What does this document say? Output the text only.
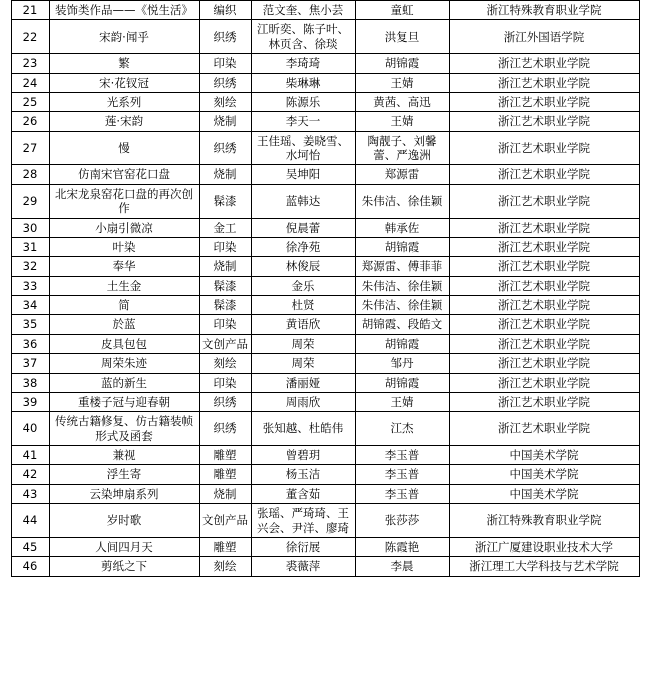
21	装饰类作品——《悦生活》	编织	范文奎、焦小芸	童虹	浙江特殊教育职业学院
22	宋韵·闻乎	织绣	江昕奕、陈子叶、林页含、徐琰	洪复旦	浙江外国语学院
23	繁	印染	李琦琦	胡锦霞	浙江艺术职业学院
24	宋·花钗冠	织绣	柴琳琳	王婧	浙江艺术职业学院
25	光系列	刻绘	陈源乐	黄茜、高迅	浙江艺术职业学院
26	莲·宋韵	烧制	李天一	王婧	浙江艺术职业学院
27	慢	织绣	王佳瑶、姜晓雪、水坷怡	陶靓子、刘馨蕾、严逸洲	浙江艺术职业学院
28	仿南宋官窑花口盘	烧制	吴坤阳	郑源雷	浙江艺术职业学院
29	北宋龙泉窑花口盘的再次创作	髹漆	蓝韩达	朱伟洁、徐佳颖	浙江艺术职业学院
30	小扇引微凉	金工	倪晨蕾	韩承佐	浙江艺术职业学院
31	叶染	印染	徐净苑	胡锦霞	浙江艺术职业学院
32	奉华	烧制	林俊辰	郑源雷、傅菲菲	浙江艺术职业学院
33	土生金	髹漆	金乐	朱伟洁、徐佳颖	浙江艺术职业学院
34	简	髹漆	杜贤	朱伟洁、徐佳颖	浙江艺术职业学院
35	於蓝	印染	黄语欣	胡锦霞、段皓文	浙江艺术职业学院
36	皮具包包	文创产品	周荣	胡锦霞	浙江艺术职业学院
37	周荣朱迹	刻绘	周荣	邹丹	浙江艺术职业学院
38	蓝的新生	印染	潘丽娅	胡锦霞	浙江艺术职业学院
39	重楼子冠与迎春朝	织绣	周雨欣	王婧	浙江艺术职业学院
40	传统古籍修复、仿古籍装帧形式及函套	织绣	张知越、杜皓伟	江杰	浙江艺术职业学院
41	兼视	雕塑	曾碧玥	李玉普	中国美术学院
42	浮生寄	雕塑	杨玉洁	李玉普	中国美术学院
43	云染坤扇系列	烧制	董含茹	李玉普	中国美术学院
44	岁时歌	文创产品	张瑶、严琦琦、王兴会、尹洋、廖琦	张莎莎	浙江特殊教育职业学院
45	人间四月天	雕塑	徐衍展	陈霞艳	浙江广厦建设职业技术大学
46	剪纸之下	刻绘	裘薇萍	李晨	浙江理工大学科技与艺术学院
